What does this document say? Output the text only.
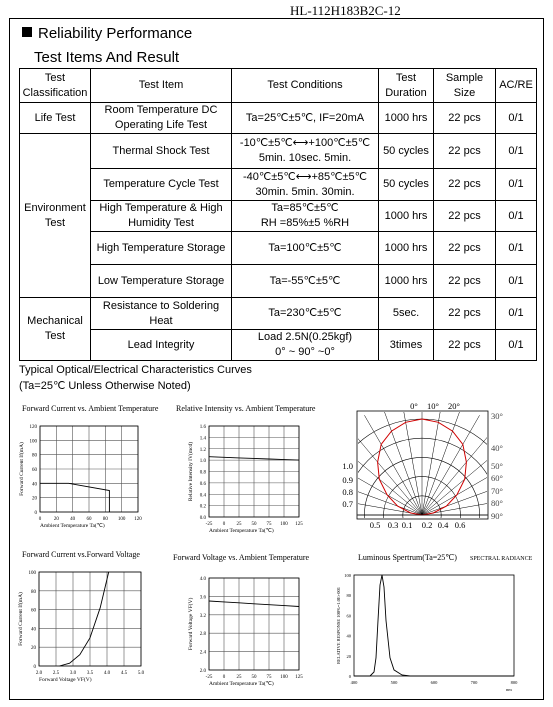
HL-112H183B2C-12
Reliability Performance
Test Items And Result
Test Classification	Test Item	Test Conditions	Test Duration	Sample Size	AC/RE
Life Test	Room Temperature DC Operating Life Test	Ta=25℃±5℃, IF=20mA	1000 hrs	22 pcs	0/1
Environment Test	Thermal Shock Test	-10℃±5℃⟷+100℃±5℃
5min. 10sec. 5min.	50 cycles	22 pcs	0/1
	Temperature Cycle Test	-40℃±5℃⟷+85℃±5℃
30min. 5min. 30min.	50 cycles	22 pcs	0/1
	High Temperature & High Humidity Test	Ta=85℃±5℃
RH =85%±5 %RH	1000 hrs	22 pcs	0/1
	High Temperature Storage	Ta=100℃±5℃	1000 hrs	22 pcs	0/1
	Low Temperature Storage	Ta=-55℃±5℃	1000 hrs	22 pcs	0/1
Mechanical Test	Resistance to Soldering Heat	Ta=230℃±5℃	5sec.	22 pcs	0/1
	Lead Integrity	Load 2.5N(0.25kgf)
0° ~ 90° ~0°	3times	22 pcs	0/1
Typical Optical/Electrical Characteristics Curves
(Ta=25℃ Unless Otherwise Noted)
Forward Current vs. Ambient Temperature Relative Intensity vs. Ambient Temperature
Forward Current vs.Forward Voltage	Forward Voltage vs. Ambient Temperature	Luminous Spertrum(Ta=25℃) SPECTRAL RADIANCE
0	20 40 60 80 100 120
0
20
40
60
80
100
120
Ambient Temperature Ta(℃)
Forward Current If(mA)
-25 0 25 50 75 100 125
0.0
0.2
0.4
0.6
0.8
1.0
1.2
1.4
1.6
Ambient Temperature Ta(℃)
Relative Intensity IV(mcd)
0° 10° 20°
30°
40°
50°
60°
70°
80°
90°
1.0
0.9
0.8
0.7
0.5 0.3 0.1 0.2 0.4 0.6
2.0 2.5 3.0 3.5 4.0 4.5 5.0
0
20
40
60
80
100
Forward Voltage VF(V)
Forward Current If(mA)
-25 0 25 50 75 100 125
2.0
2.4
2.8
3.2
3.6
4.0
Ambient Temperature Ta(℃)
Forward Voltage VF(V)
400	500	600	700	800
0
20
40
60
80
100
nm
RELATIVE RESPONSE 100%=1.0E+001
